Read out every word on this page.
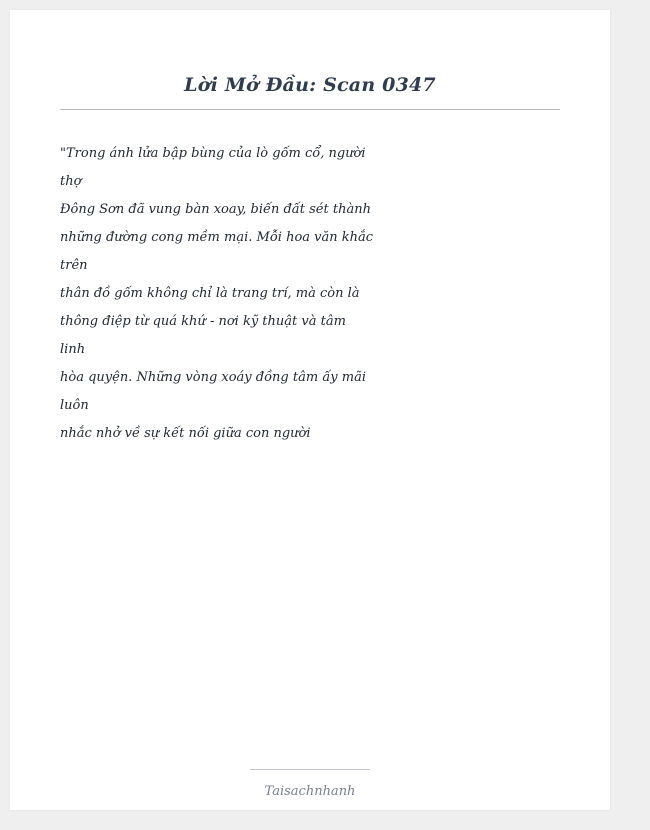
Lời Mở Đầu: Scan 0347
"Trong ánh lửa bập bùng của lò gốm cổ, người
thợ
Đông Sơn đã vung bàn xoay, biến đất sét thành
những đường cong mềm mại. Mỗi hoa văn khắc
trên
thân đồ gốm không chỉ là trang trí, mà còn là
thông điệp từ quá khứ - nơi kỹ thuật và tâm
linh
hòa quyện. Những vòng xoáy đồng tâm ấy mãi
luôn
nhắc nhở về sự kết nối giữa con người
Taisachnhanh
